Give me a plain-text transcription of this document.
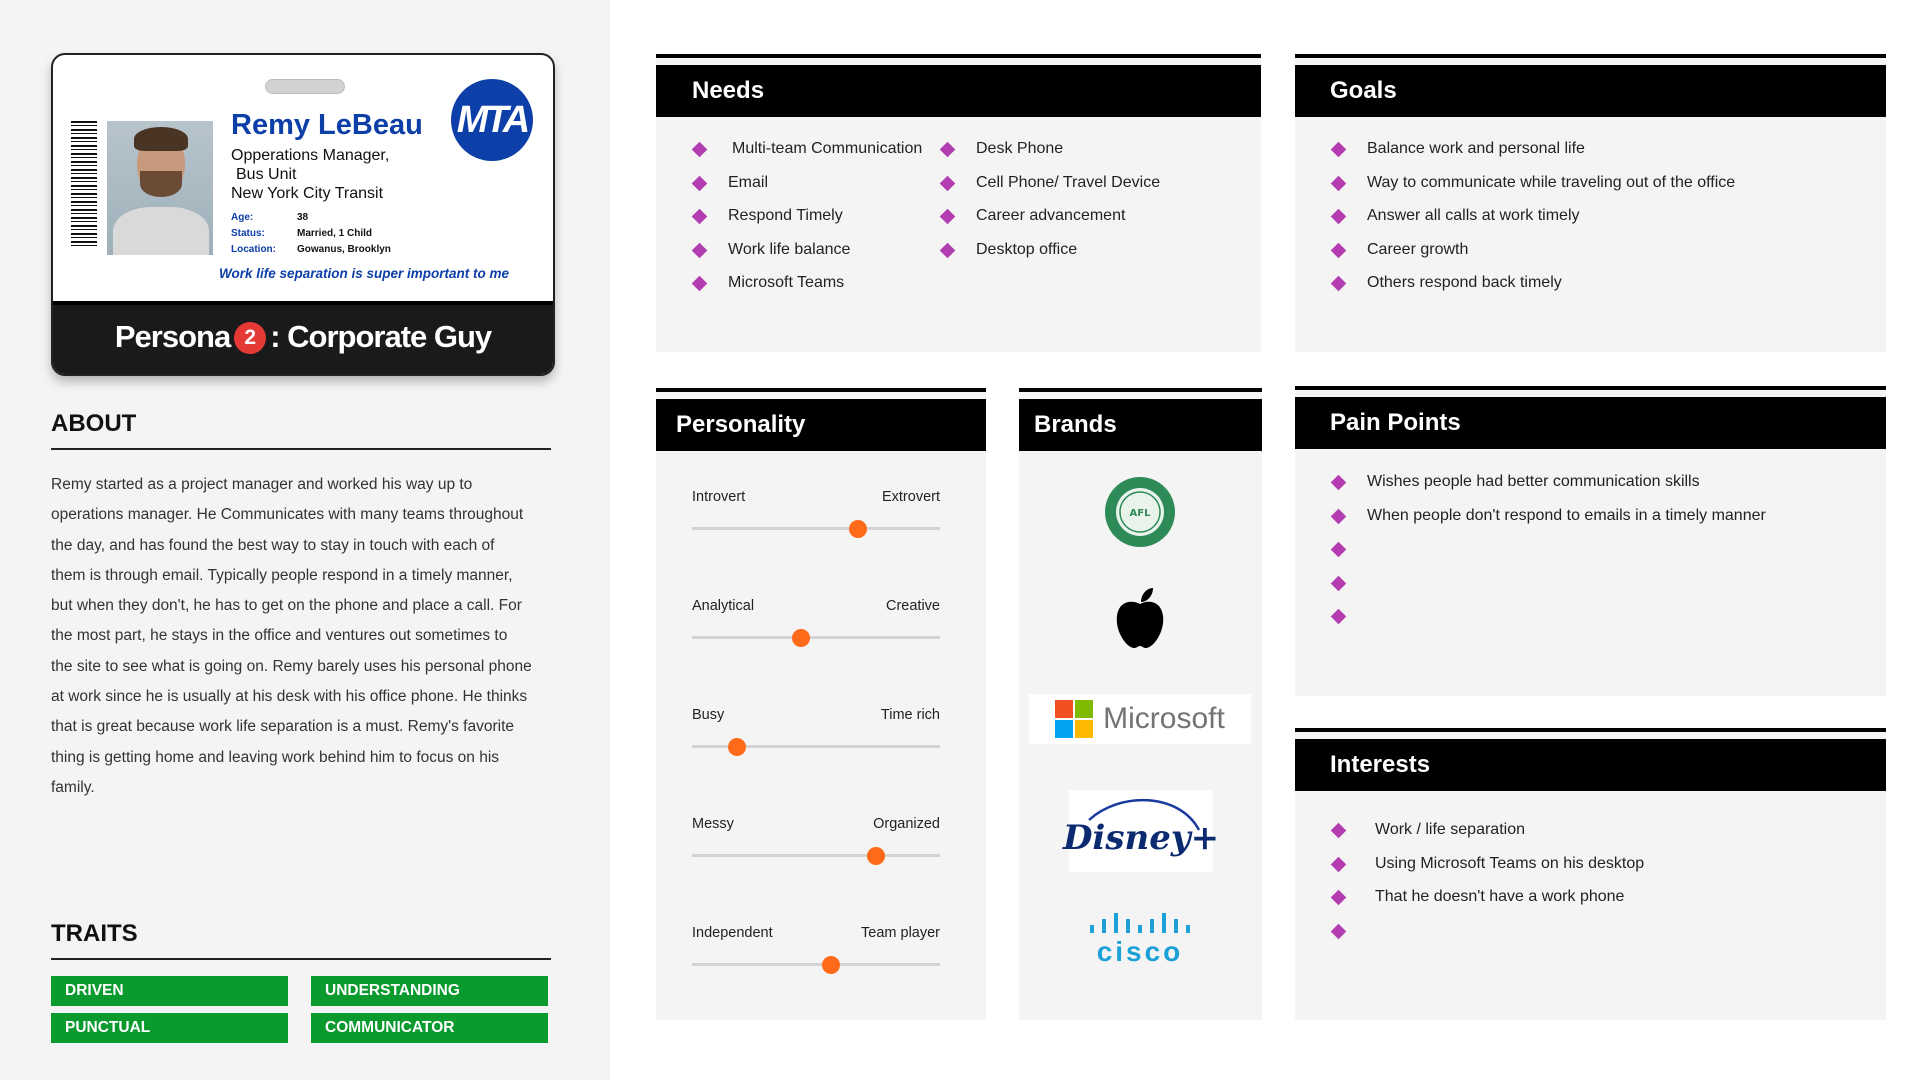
Remy LeBeau
Opperations Manager,
Bus Unit
New York City Transit
Age:	38
Status:	Married, 1 Child
Location:	Gowanus, Brooklyn
Work life separation is super important to me
MTA
Persona 2 : Corporate Guy
ABOUT
Remy started as a project manager and worked his way up to
operations manager. He Communicates with many teams throughout
the day, and has found the best way to stay in touch with each of
them is through email. Typically people respond in a timely manner,
but when they don't, he has to get on the phone and place a call. For
the most part, he stays in the office and ventures out sometimes to
the site to see what is going on. Remy barely uses his personal phone
at work since he is usually at his desk with his office phone. He thinks
that is great because work life separation is a must. Remy's favorite
thing is getting home and leaving work behind him to focus on his
family.
TRAITS
DRIVEN	UNDERSTANDING
PUNCTUAL	COMMUNICATOR
Needs
Multi-team Communication
Email
Respond Timely
Work life balance
Microsoft Teams
Desk Phone
Cell Phone/ Travel Device
Career advancement
Desktop office
Goals
Balance work and personal life
Way to communicate while traveling out of the office
Answer all calls at work timely
Career growth
Others respond back timely
Personality
Introvert	Extrovert
Analytical	Creative
Busy	Time rich
Messy	Organized
Independent	Team player
Brands
AFL
Microsoft
Disney+
cisco
Pain Points
Wishes people had better communication skills
When people don't respond to emails in a timely manner
Interests
Work / life separation
Using Microsoft Teams on his desktop
That he doesn't have a work phone
